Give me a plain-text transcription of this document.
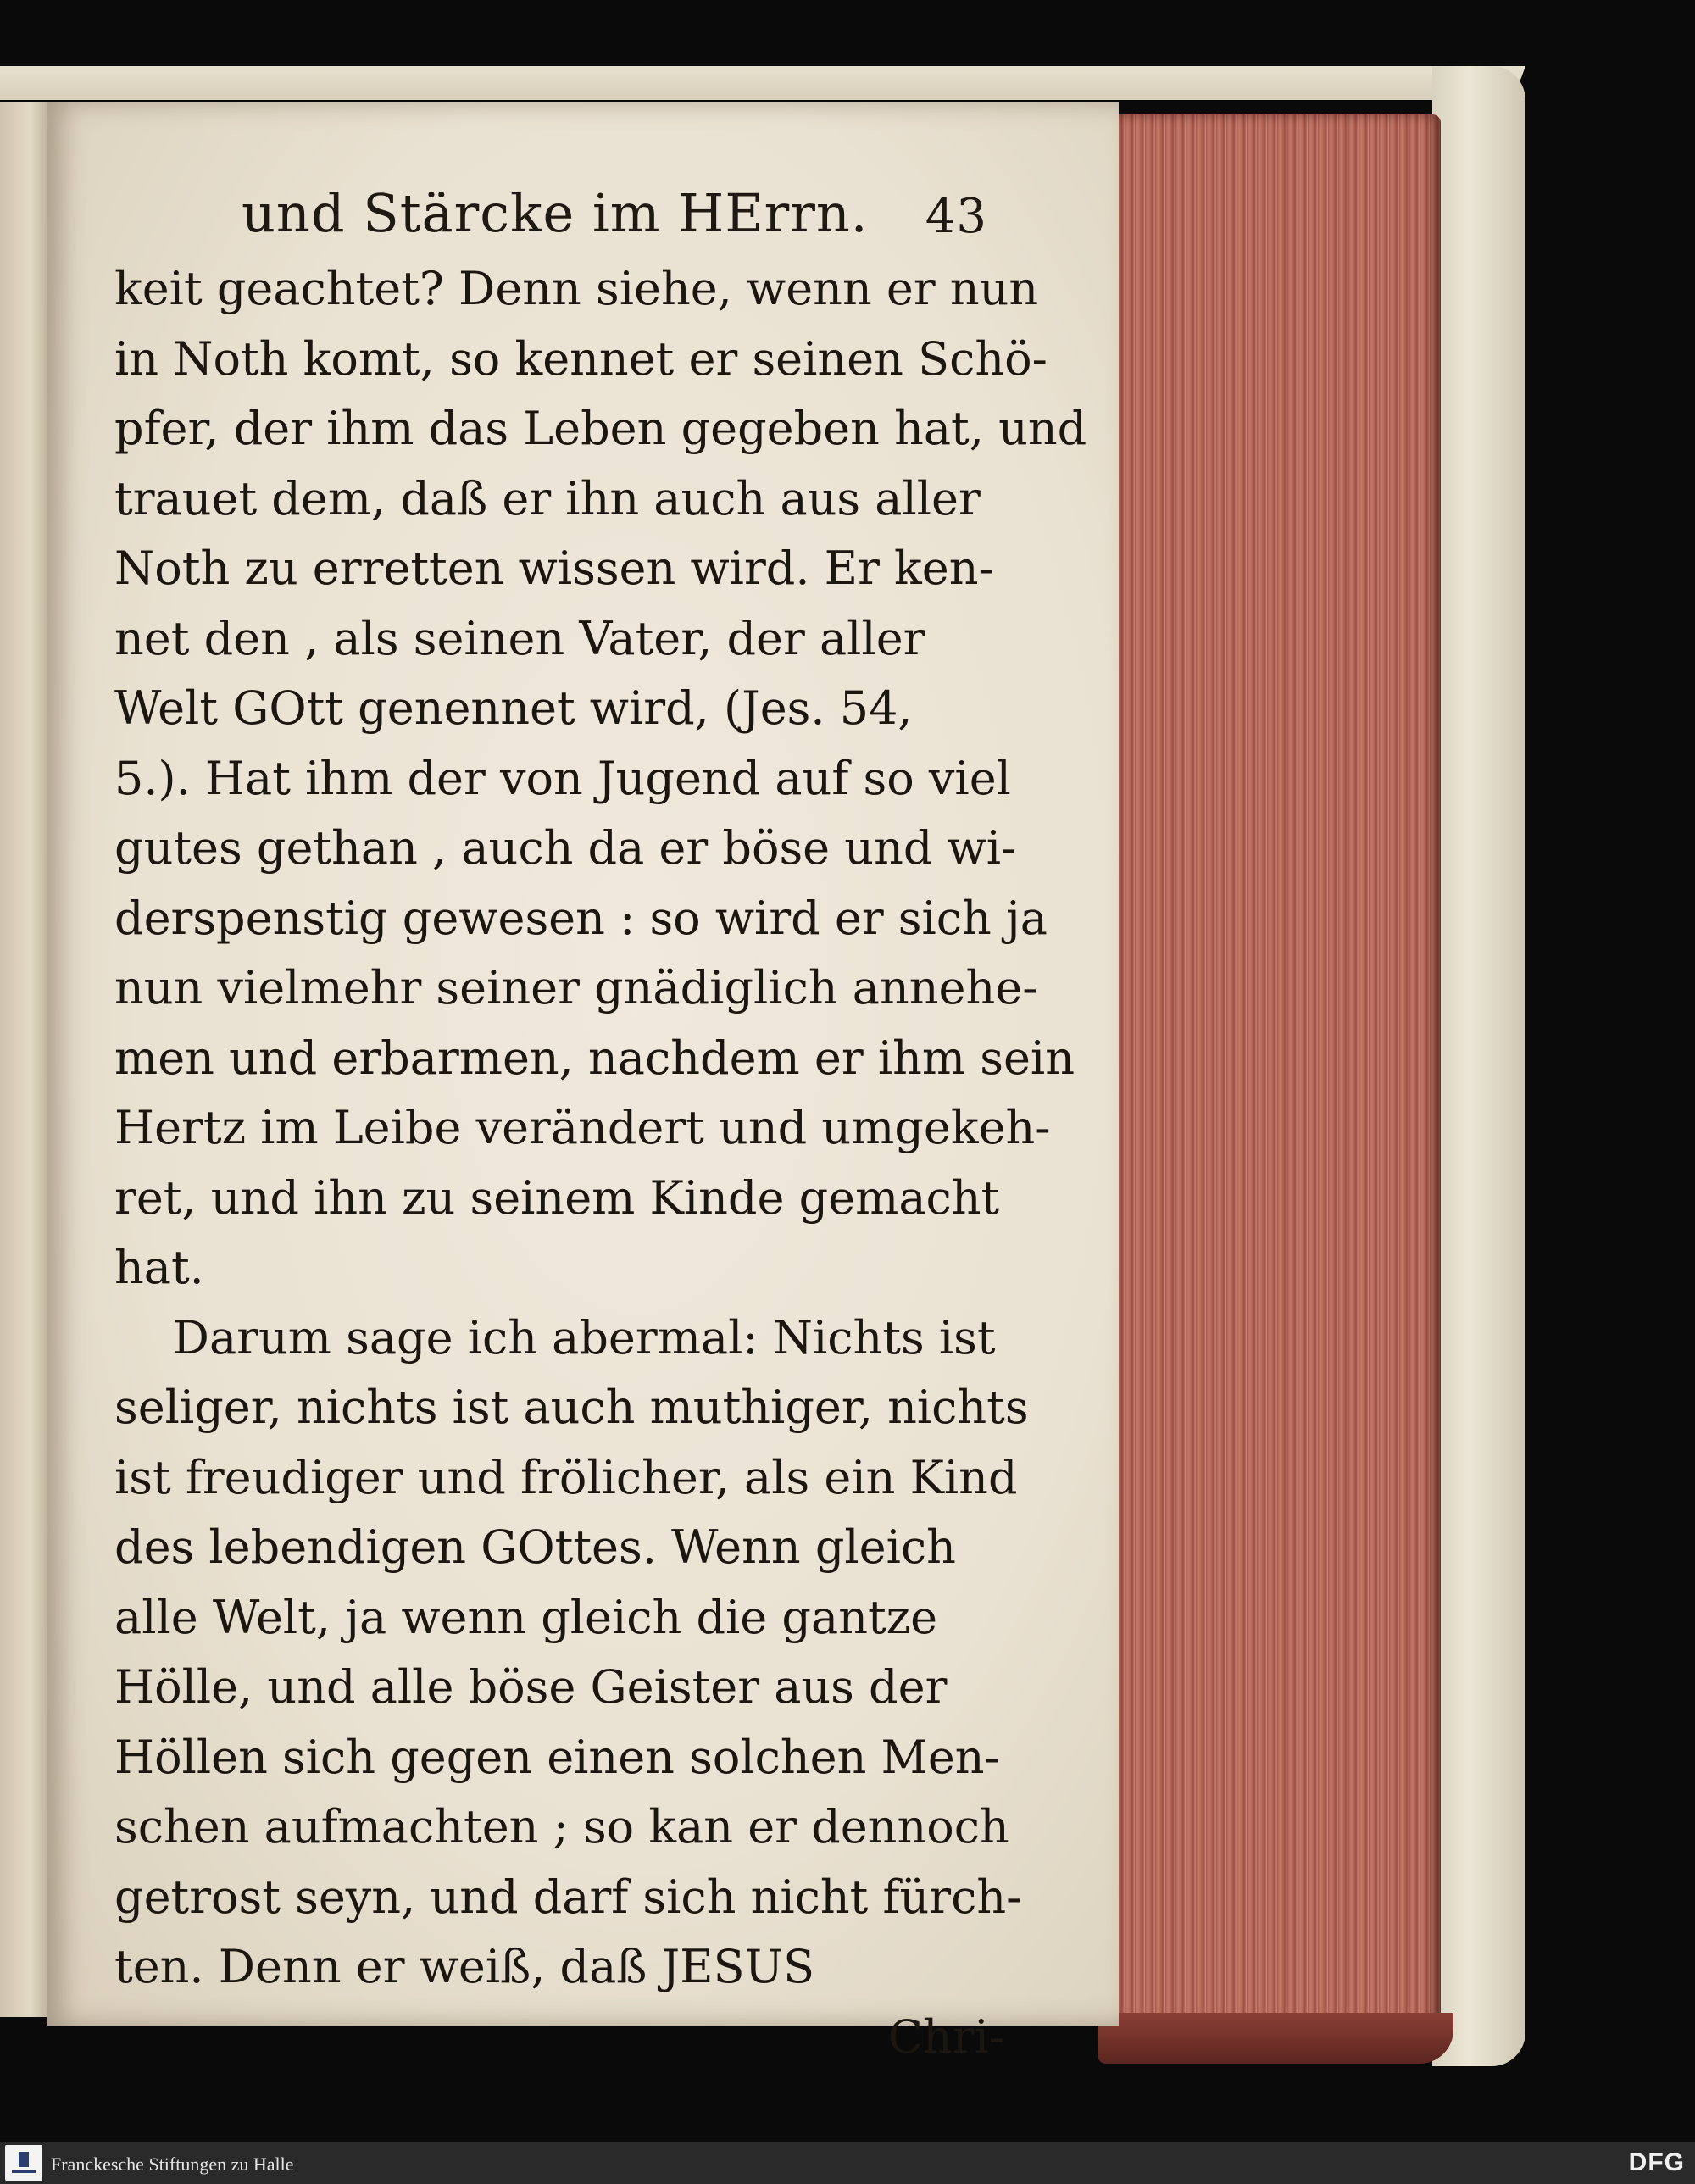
und Stärcke im HErrn. 43
keit geachtet? Denn siehe, wenn er nun
in Noth komt, so kennet er seinen Schö-
pfer, der ihm das Leben gegeben hat, und
trauet dem, daß er ihn auch aus aller
Noth zu erretten wissen wird. Er ken-
net den , als seinen Vater, der aller
Welt GOtt genennet wird, (Jes. 54,
5.). Hat ihm der von Jugend auf so viel
gutes gethan , auch da er böse und wi-
derspenstig gewesen : so wird er sich ja
nun vielmehr seiner gnädiglich annehe-
men und erbarmen, nachdem er ihm sein
Hertz im Leibe verändert und umgekeh-
ret, und ihn zu seinem Kinde gemacht
hat.
Darum sage ich abermal: Nichts ist
seliger, nichts ist auch muthiger, nichts
ist freudiger und frölicher, als ein Kind
des lebendigen GOttes. Wenn gleich
alle Welt, ja wenn gleich die gantze
Hölle, und alle böse Geister aus der
Höllen sich gegen einen solchen Men-
schen aufmachten ; so kan er dennoch
getrost seyn, und darf sich nicht fürch-
ten. Denn er weiß, daß JESUS
Chri-
Franckesche Stiftungen zu Halle	DFG
